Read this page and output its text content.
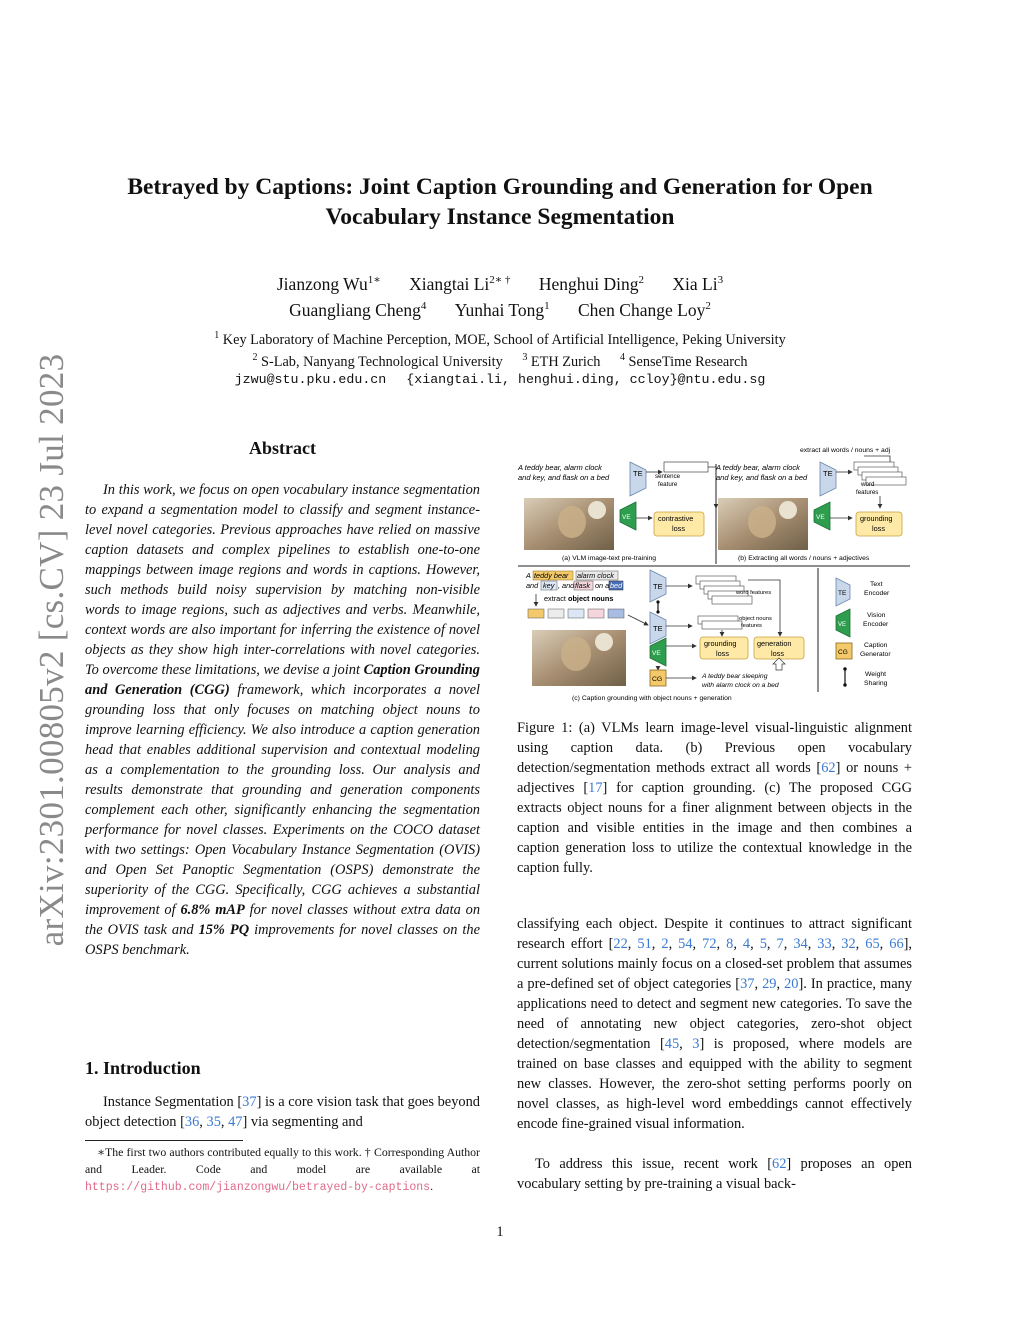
arXiv:2301.00805v2 [cs.CV] 23 Jul 2023
Betrayed by Captions: Joint Caption Grounding and Generation for Open
Vocabulary Instance Segmentation
Jianzong $Wu^{1∗}$ Xiangtai $Li^{2∗ \dagger}$ Henghui Ding$^2$ Xia Li$^3$
Guangliang Cheng$^4$ Yunhai Tong$^1$ Chen Change Loy$^2$
$^1$ Key Laboratory of Machine Perception, MOE, School of Artificial Intelligence, Peking University
$^2$ S-Lab, Nanyang Technological University $^3$ ETH Zurich $^4$ SenseTime Research
jzwu@stu.pku.edu.cn {xiangtai.li, henghui.ding, ccloy}@ntu.edu.sg
Abstract

In this work, we focus on open vocabulary instance segmentation to expand a segmentation model to classify and segment instance-level novel categories. Previous approaches have relied on massive caption datasets and complex pipelines to establish one-to-one mappings between image regions and words in captions. However, such methods build noisy supervision by matching non-visible words to image regions, such as adjectives and verbs. Meanwhile, context words are also important for inferring the existence of novel objects as they show high inter-correlations with novel categories. To overcome these limitations, we devise a joint Caption Grounding and Generation (CGG) framework, which incorporates a novel grounding loss that only focuses on matching object nouns to improve learning efficiency. We also introduce a caption generation head that enables additional supervision and contextual modeling as a complementation to the grounding loss. Our analysis and results demonstrate that grounding and generation components complement each other, significantly enhancing the segmentation performance for novel classes. Experiments on the COCO dataset with two settings: Open Vocabulary Instance Segmentation (OVIS) and Open Set Panoptic Segmentation (OSPS) demonstrate the superiority of the CGG. Specifically, CGG achieves a substantial improvement of 6.8% mAP for novel classes without extra data on the OVIS task and 15% PQ improvements for novel classes on the OSPS benchmark.

1. Introduction

Instance Segmentation [37] is a core vision task that goes beyond object detection [36, 35, 47] via segmenting and

∗The first two authors contributed equally to this work. † Corresponding Author and Leader. Code and model are available at https://github.com/jianzongwu/betrayed-by-captions.

A teddy bear, alarm clock
and key, and flask on a bed	TE sentence
feature
VE	contrastive
loss
(a) VLM image-text pre-training
extract all words / nouns + adj
A teddy bear, alarm clock
and key, and flask on a bed TE
word
features
VE	grounding
loss
(b) Extracting all words / nouns + adjectives
A teddy bear alarm clock
and key , and flask on a bed
extract object nouns
TE
TE
VE
CG
word features
object nouns
features
grounding
loss
generation
loss
A teddy bear sleeping
with alarm clock on a bed
(c) Caption grounding with object nouns + generation
TE
Text
Encoder
VE
Vision
Encoder
CG
Caption
Generator
Weight
Sharing

Figure 1: (a) VLMs learn image-level visual-linguistic alignment using caption data. (b) Previous open vocabulary detection/segmentation methods extract all words [62] or nouns + adjectives [17] for caption grounding. (c) The proposed CGG extracts object nouns for a finer alignment between objects in the caption and visible entities in the image and then combines a caption generation loss to utilize the contextual knowledge in the caption fully.

classifying each object. Despite it continues to attract significant research effort [22, 51, 2, 54, 72, 8, 4, 5, 7, 34, 33, 32, 65, 66], current solutions mainly focus on a closed-set problem that assumes a pre-defined set of object categories [37, 29, 20]. In practice, many applications need to detect and segment new categories. To save the need of annotating new object categories, zero-shot object detection/segmentation [45, 3] is proposed, where models are trained on base classes and equipped with the ability to segment new classes. However, the zero-shot setting performs poorly on novel classes, as high-level word embeddings cannot effectively encode fine-grained visual information.

To address this issue, recent work [62] proposes an open vocabulary setting by pre-training a visual back-

1
